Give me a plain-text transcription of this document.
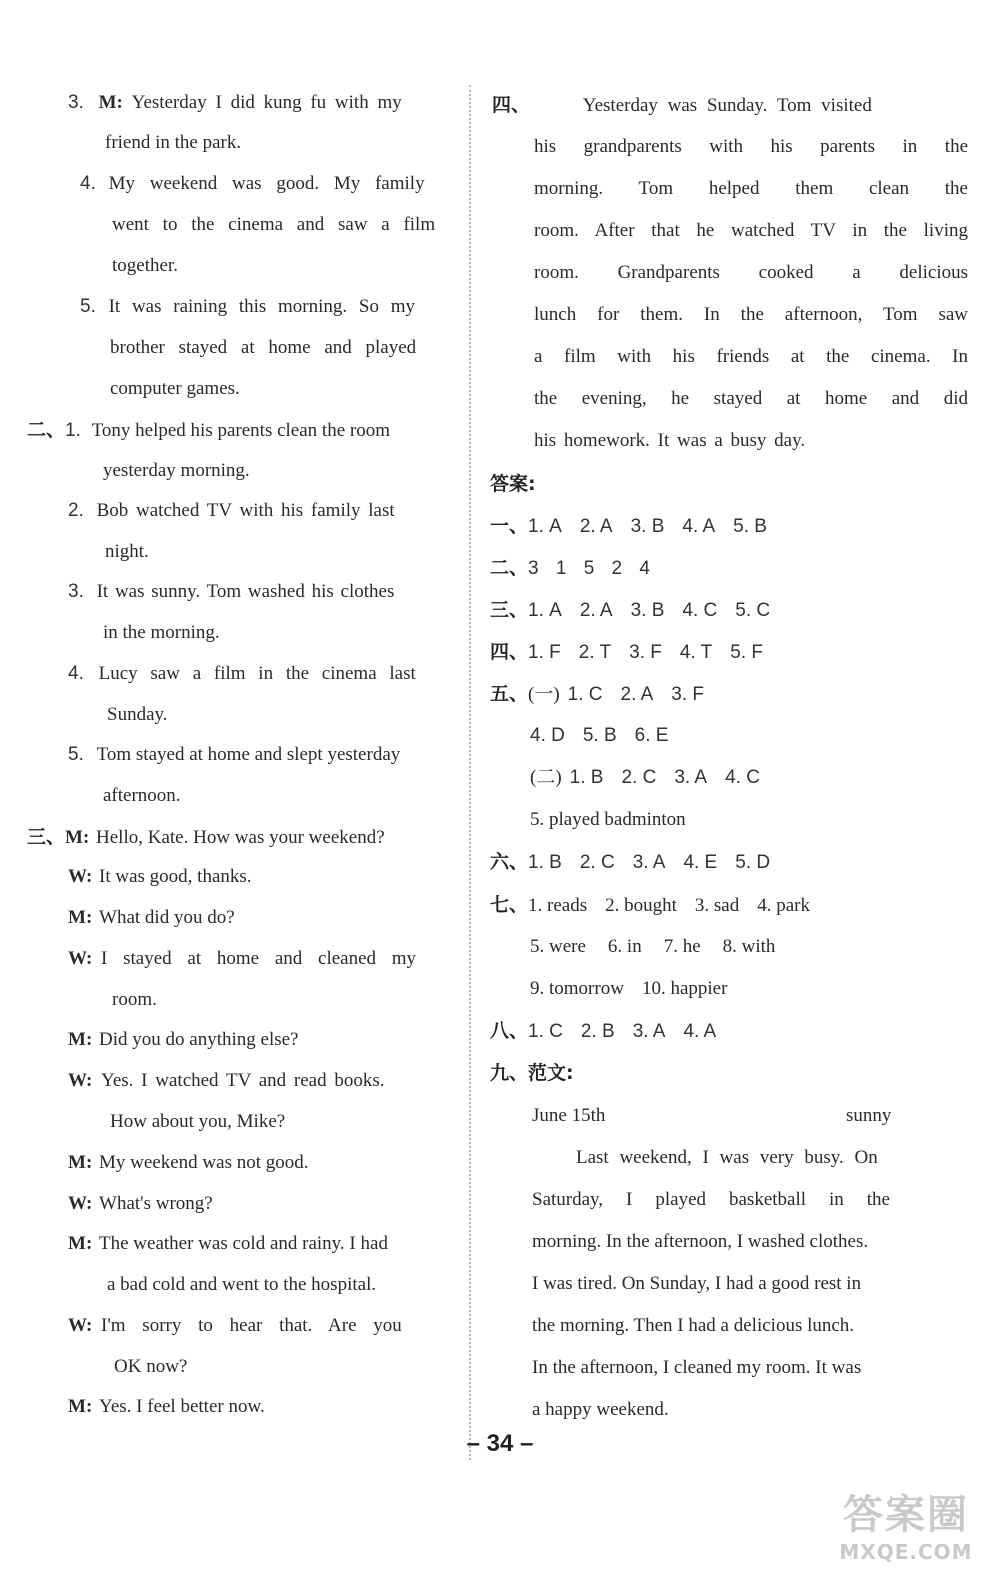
3. M: Yesterday I did kung fu with my
friend in the park.
4. My weekend was good. My family
went to the cinema and saw a film
together.
5. It was raining this morning. So my
brother stayed at home and played
computer games.
二、1. Tony helped his parents clean the room
yesterday morning.
2. Bob watched TV with his family last
night.
3. It was sunny. Tom washed his clothes
in the morning.
4. Lucy saw a film in the cinema last
Sunday.
5. Tom stayed at home and slept yesterday
afternoon.
三、M: Hello, Kate. How was your weekend?
W: It was good, thanks.
M: What did you do?
W: I stayed at home and cleaned my
room.
M: Did you do anything else?
W: Yes. I watched TV and read books.
How about you, Mike?
M: My weekend was not good.
W: What's wrong?
M: The weather was cold and rainy. I had
a bad cold and went to the hospital.
W: I'm sorry to hear that. Are you
OK now?
M: Yes. I feel better now.
四、	Yesterday was Sunday. Tom visited
his grandparents with his parents in the
morning. Tom helped them clean the
room. After that he watched TV in the living
room. Grandparents cooked a delicious
lunch for them. In the afternoon, Tom saw
a film with his friends at the cinema. In
the evening, he stayed at home and did
his homework. It was a busy day.
答案:
一、1. A 2. A 3. B 4. A 5. B
二、3 1 5 2 4
三、1. A 2. A 3. B 4. C 5. C
四、1. F 2. T 3. F 4. T 5. F
五、(一) 1. C 2. A 3. F
4. D 5. B 6. E
(二) 1. B 2. C 3. A 4. C
5. played badminton
六、1. B 2. C 3. A 4. E 5. D
七、1. reads 2. bought 3. sad 4. park
5. were 6. in 7. he 8. with
9. tomorrow 10. happier
八、1. C 2. B 3. A 4. A
九、范文:
June 15th	sunny
Last weekend, I was very busy. On
Saturday, I played basketball in the
morning. In the afternoon, I washed clothes.
I was tired. On Sunday, I had a good rest in
the morning. Then I had a delicious lunch.
In the afternoon, I cleaned my room. It was
a happy weekend.
– 34 –
答案圈
MXQE.COM
